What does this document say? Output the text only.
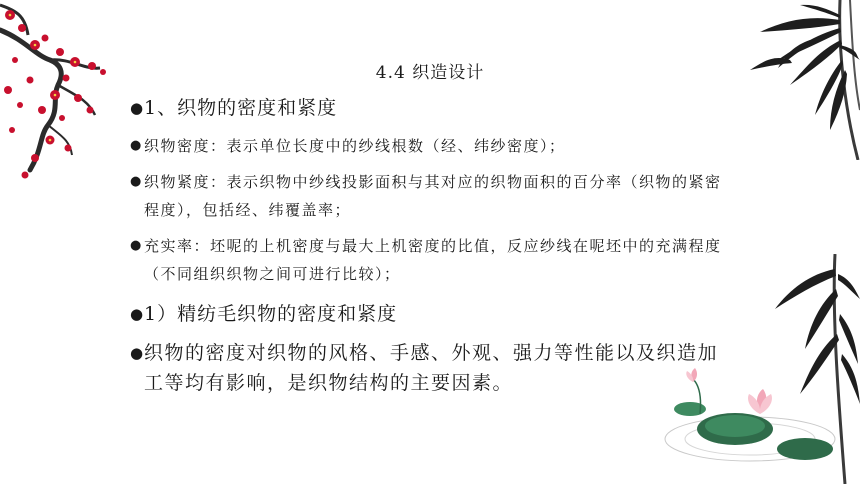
4.4 织造设计
● 1、织物的密度和紧度
● 织物密度：表示单位长度中的纱线根数（经、纬纱密度）；
● 织物紧度：表示织物中纱线投影面积与其对应的织物面积的百分率（织物的紧密程度），包括经、纬覆盖率；
● 充实率：坯呢的上机密度与最大上机密度的比值，反应纱线在呢坯中的充满程度（不同组织织物之间可进行比较）；
● 1）精纺毛织物的密度和紧度
● 织物的密度对织物的风格、手感、外观、强力等性能以及织造加工等均有影响，是织物结构的主要因素。
